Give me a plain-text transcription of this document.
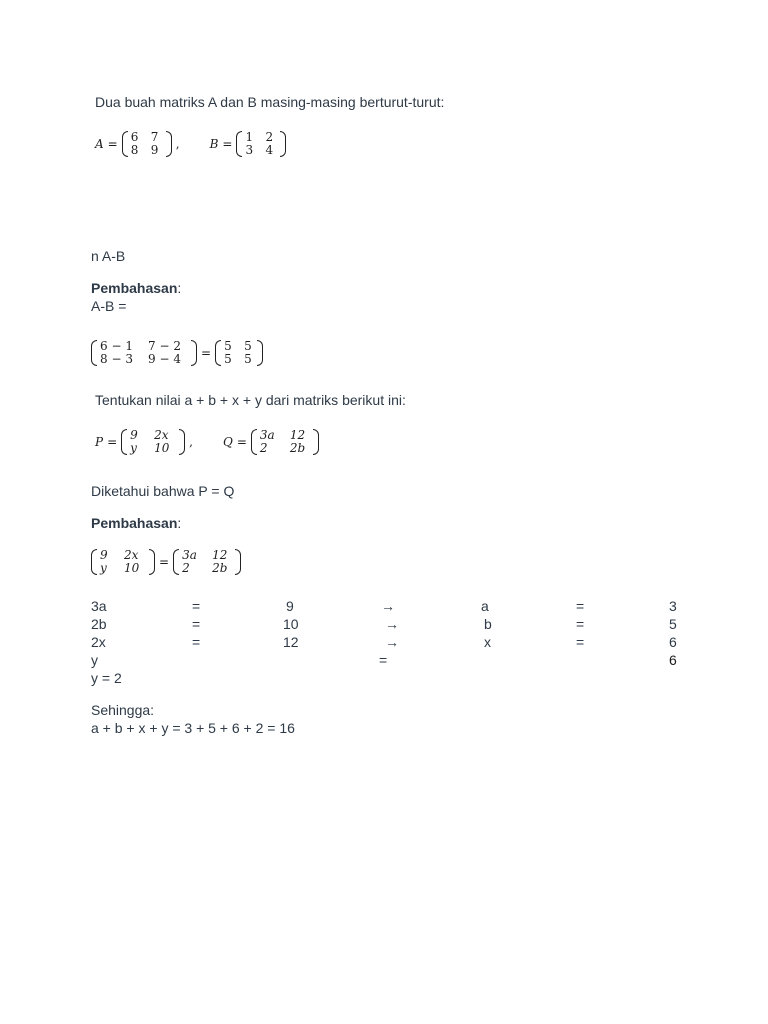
Dua buah matriks A dan B masing-masing berturut-turut:
A = 6	7
8	9	,	B = 1	2
3	4
n A-B
Pembahasan:
A-B =
6 − 1	7 − 2
8 − 3	9 − 4	= 5	5
5	5
Tentukan nilai a + b + x + y dari matriks berikut ini:
P = 9	2x
y	10	,	Q = 3a	12
2	2b
Diketahui bahwa P = Q
Pembahasan:
9	2x
y	10	= 3a	12
2	2b
3a	=	9	→	a	=	3
2b	=	10	→	b	=	5
2x	=	12	→	x	=	6
y	=	6
y = 2
Sehingga:
a + b + x + y = 3 + 5 + 6 + 2 = 16
